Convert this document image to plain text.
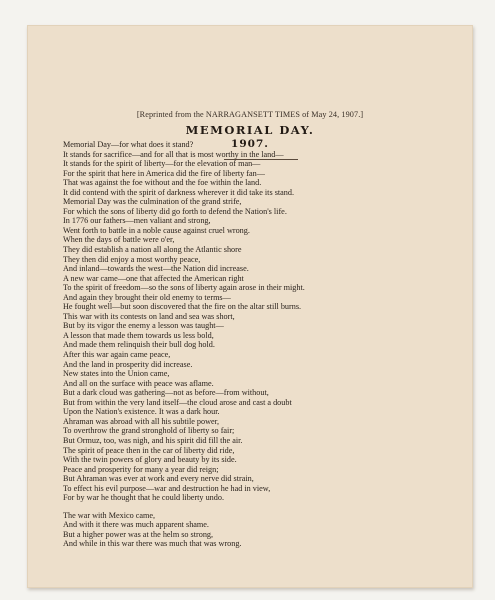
[Reprinted from the NARRAGANSETT TIMES of May 24, 1907.]
MEMORIAL DAY.
1907.
Memorial Day—for what does it stand?
It stands for sacrifice—and for all that is most worthy in the land—
It stands for the spirit of liberty—for the elevation of man—
For the spirit that here in America did the fire of liberty fan—
That was against the foe without and the foe within the land.
It did contend with the spirit of darkness wherever it did take its stand.
Memorial Day was the culmination of the grand strife,
For which the sons of liberty did go forth to defend the Nation's life.
In 1776 our fathers—men valiant and strong,
Went forth to battle in a noble cause against cruel wrong.
When the days of battle were o'er,
They did establish a nation all along the Atlantic shore
They then did enjoy a most worthy peace,
And inland—towards the west—the Nation did increase.
A new war came—one that affected the American right
To the spirit of freedom—so the sons of liberty again arose in their might.
And again they brought their old enemy to terms—
He fought well—but soon discovered that the fire on the altar still burns.
This war with its contests on land and sea was short,
But by its vigor the enemy a lesson was taught—
A lesson that made them towards us less bold,
And made them relinquish their bull dog hold.
After this war again came peace,
And the land in prosperity did increase.
New states into the Union came,
And all on the surface with peace was aflame.
But a dark cloud was gathering—not as before—from without,
But from within the very land itself—the cloud arose and cast a doubt
Upon the Nation's existence. It was a dark hour.
Ahraman was abroad with all his subtile power,
To overthrow the grand stronghold of liberty so fair;
But Ormuz, too, was nigh, and his spirit did fill the air.
The spirit of peace then in the car of liberty did ride,
With the twin powers of glory and beauty by its side.
Peace and prosperity for many a year did reign;
But Ahraman was ever at work and every nerve did strain,
To effect his evil purpose—war and destruction he had in view,
For by war he thought that he could liberty undo.
The war with Mexico came,
And with it there was much apparent shame.
But a higher power was at the helm so strong,
And while in this war there was much that was wrong.
